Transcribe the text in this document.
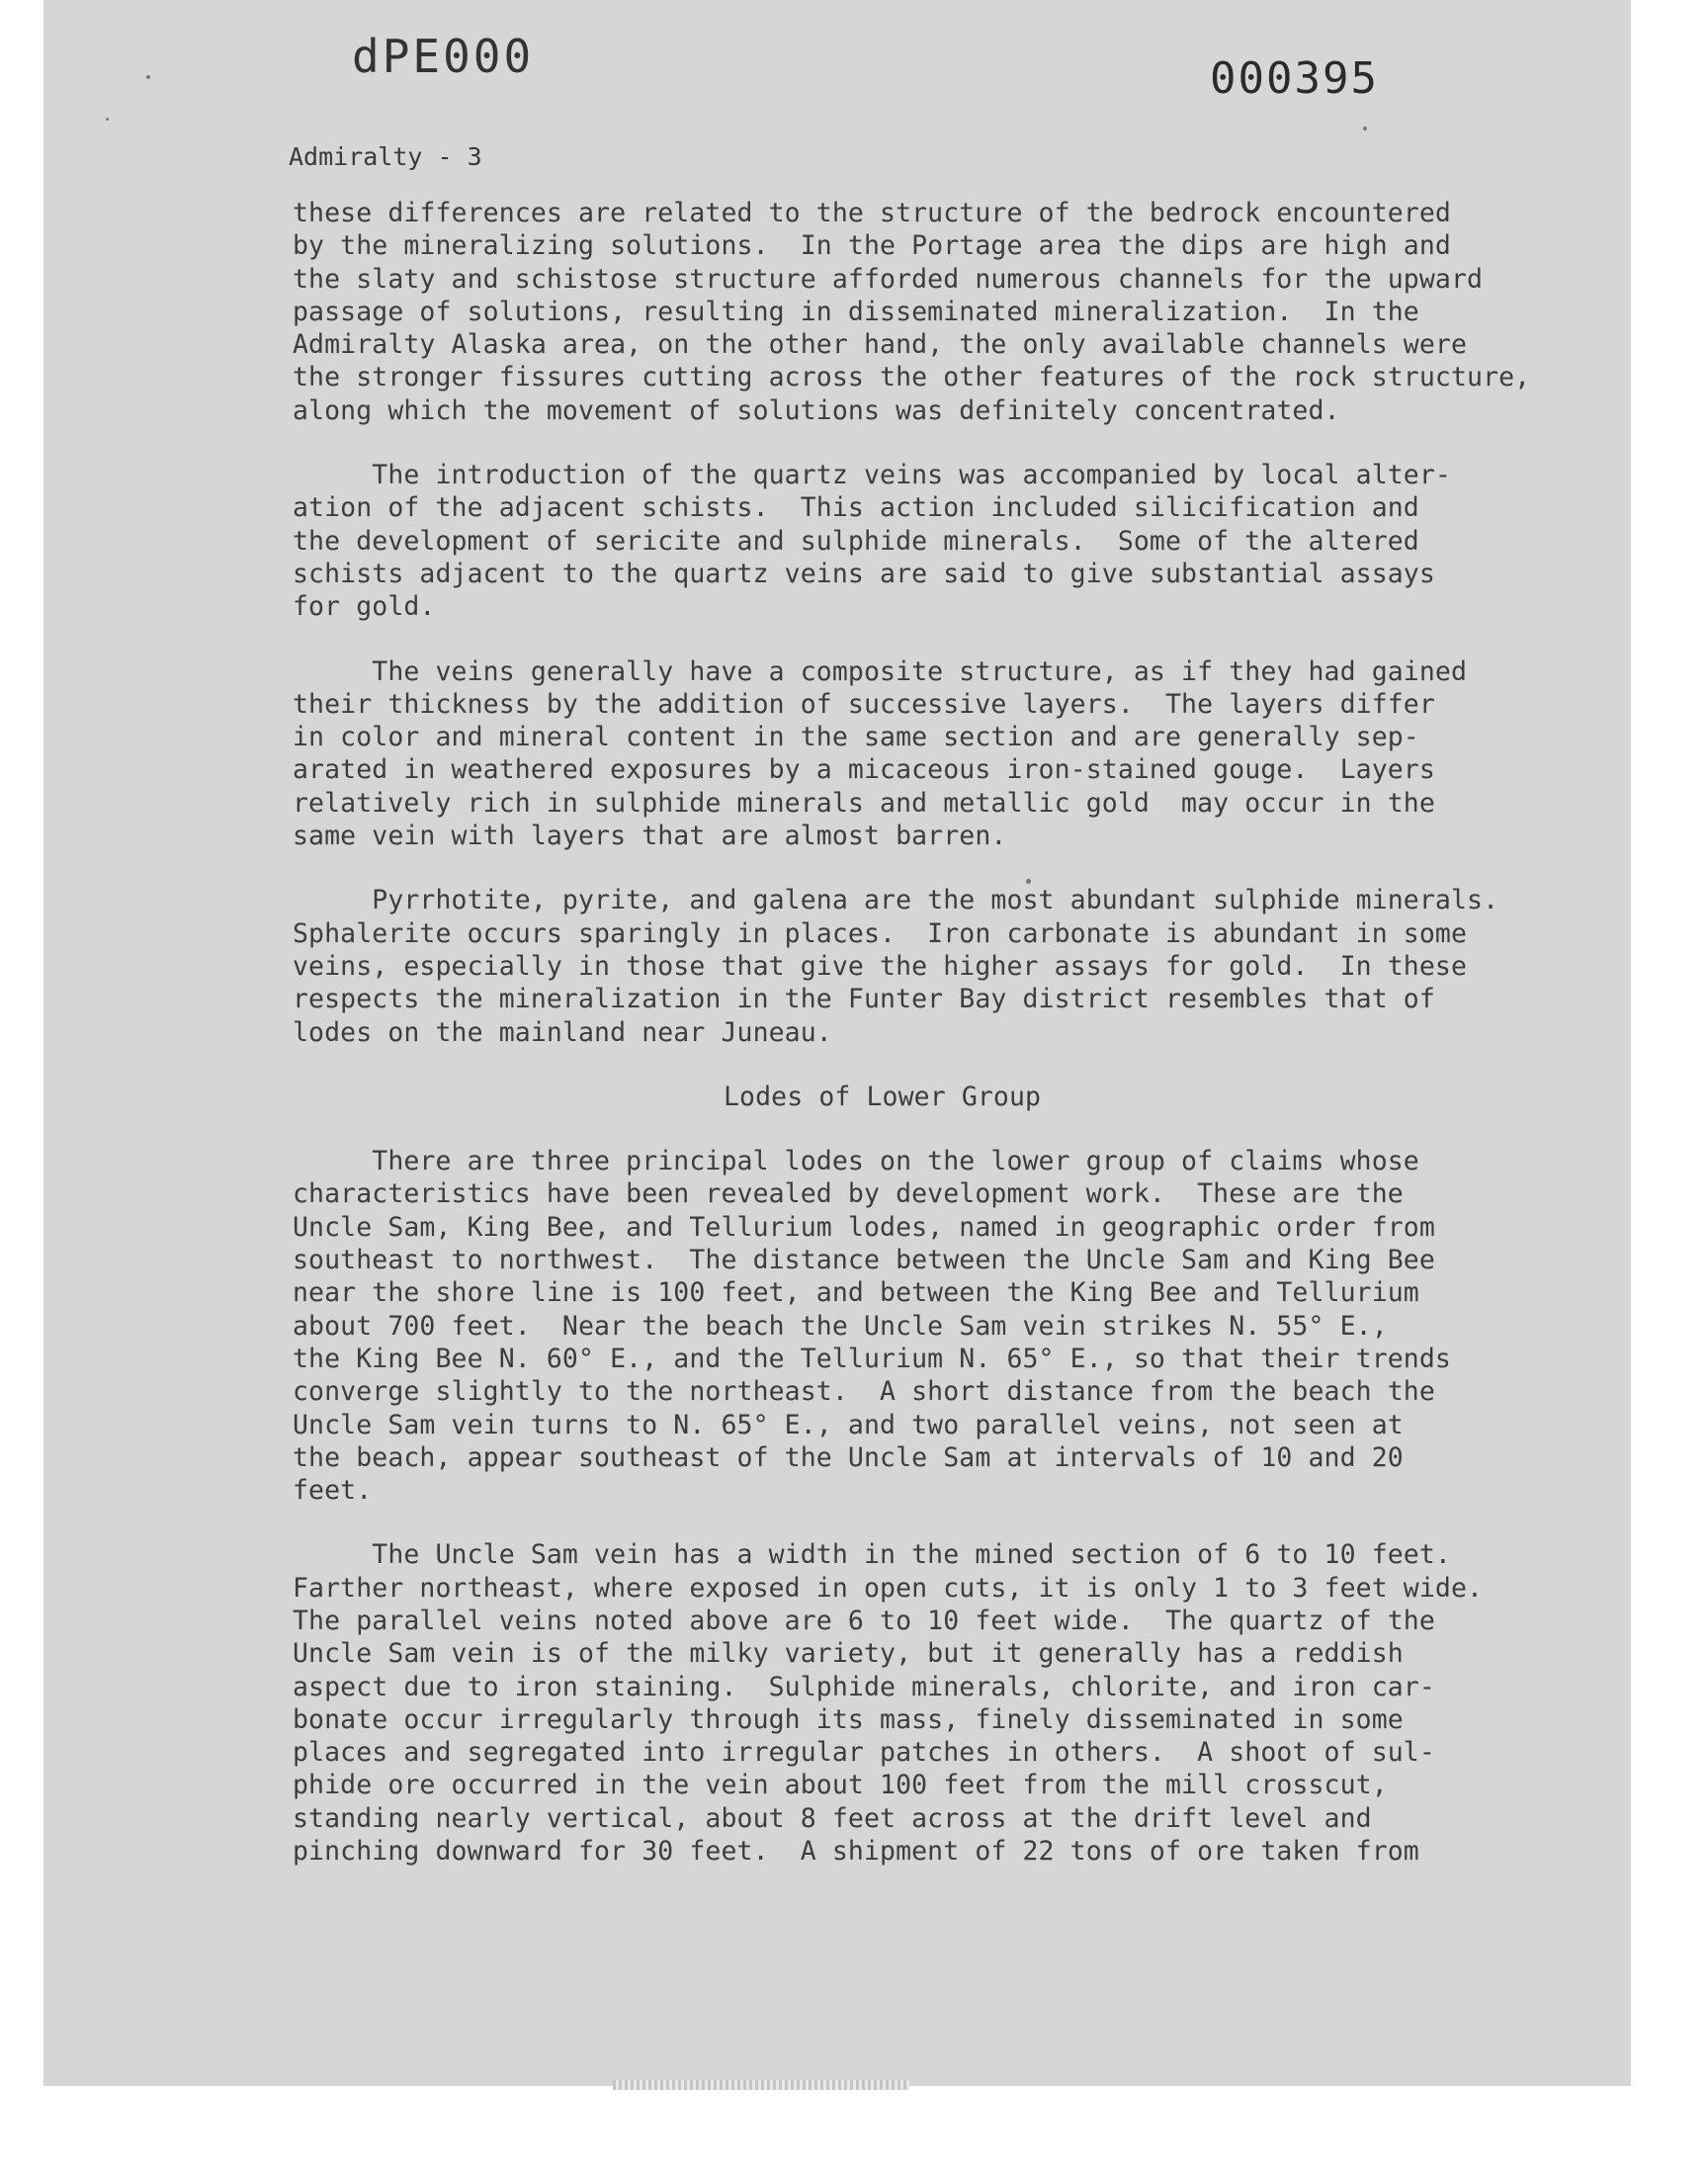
dPE000	000395
Admiralty - 3
these differences are related to the structure of the bedrock encountered
by the mineralizing solutions.  In the Portage area the dips are high and
the slaty and schistose structure afforded numerous channels for the upward
passage of solutions, resulting in disseminated mineralization.  In the
Admiralty Alaska area, on the other hand, the only available channels were
the stronger fissures cutting across the other features of the rock structure,
along which the movement of solutions was definitely concentrated.
The introduction of the quartz veins was accompanied by local alter-
ation of the adjacent schists.  This action included silicification and
the development of sericite and sulphide minerals.  Some of the altered
schists adjacent to the quartz veins are said to give substantial assays
for gold.
The veins generally have a composite structure, as if they had gained
their thickness by the addition of successive layers.  The layers differ
in color and mineral content in the same section and are generally sep-
arated in weathered exposures by a micaceous iron-stained gouge.  Layers
relatively rich in sulphide minerals and metallic gold  may occur in the
same vein with layers that are almost barren.
Pyrrhotite, pyrite, and galena are the most abundant sulphide minerals.
Sphalerite occurs sparingly in places.  Iron carbonate is abundant in some
veins, especially in those that give the higher assays for gold.  In these
respects the mineralization in the Funter Bay district resembles that of
lodes on the mainland near Juneau.
Lodes of Lower Group
There are three principal lodes on the lower group of claims whose
characteristics have been revealed by development work.  These are the
Uncle Sam, King Bee, and Tellurium lodes, named in geographic order from
southeast to northwest.  The distance between the Uncle Sam and King Bee
near the shore line is 100 feet, and between the King Bee and Tellurium
about 700 feet.  Near the beach the Uncle Sam vein strikes N. 55° E.,
the King Bee N. 60° E., and the Tellurium N. 65° E., so that their trends
converge slightly to the northeast.  A short distance from the beach the
Uncle Sam vein turns to N. 65° E., and two parallel veins, not seen at
the beach, appear southeast of the Uncle Sam at intervals of 10 and 20
feet.
The Uncle Sam vein has a width in the mined section of 6 to 10 feet.
Farther northeast, where exposed in open cuts, it is only 1 to 3 feet wide.
The parallel veins noted above are 6 to 10 feet wide.  The quartz of the
Uncle Sam vein is of the milky variety, but it generally has a reddish
aspect due to iron staining.  Sulphide minerals, chlorite, and iron car-
bonate occur irregularly through its mass, finely disseminated in some
places and segregated into irregular patches in others.  A shoot of sul-
phide ore occurred in the vein about 100 feet from the mill crosscut,
standing nearly vertical, about 8 feet across at the drift level and
pinching downward for 30 feet.  A shipment of 22 tons of ore taken from
